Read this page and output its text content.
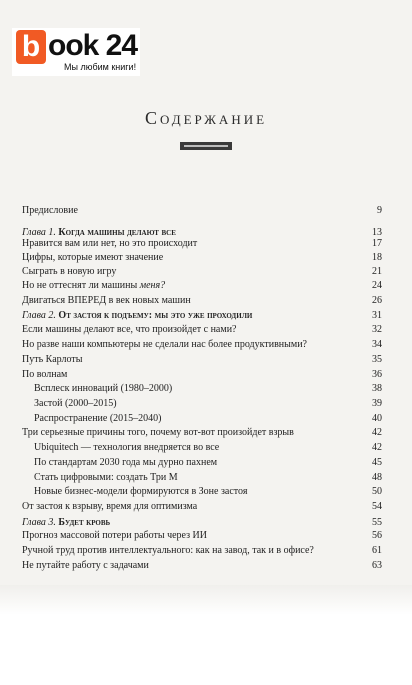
b ook 24
Мы любим книги!
Содержание
Предисловие	9
Глава 1. Когда машины делают все	13
Нравится вам или нет, но это происходит	17
Цифры, которые имеют значение	18
Сыграть в новую игру	21
Но не оттеснят ли машины меня?	24
Двигаться ВПЕРЕД в век новых машин	26
Глава 2. От застоя к подъему: мы это уже проходили	31
Если машины делают все, что произойдет с нами?	32
Но разве наши компьютеры не сделали нас более продуктивными?	34
Путь Карлоты	35
По волнам	36
Всплеск инноваций (1980–2000)	38
Застой (2000–2015)	39
Распространение (2015–2040)	40
Три серьезные причины того, почему вот-вот произойдет взрыв	42
Ubiquitech — технология внедряется во все	42
По стандартам 2030 года мы дурно пахнем	45
Стать цифровыми: создать Три М	48
Новые бизнес-модели формируются в Зоне застоя	50
От застоя к взрыву, время для оптимизма	54
Глава 3. Будет кровь	55
Прогноз массовой потери работы через ИИ	56
Ручной труд против интеллектуального: как на завод, так и в офисе?	61
Не путайте работу с задачами	63
